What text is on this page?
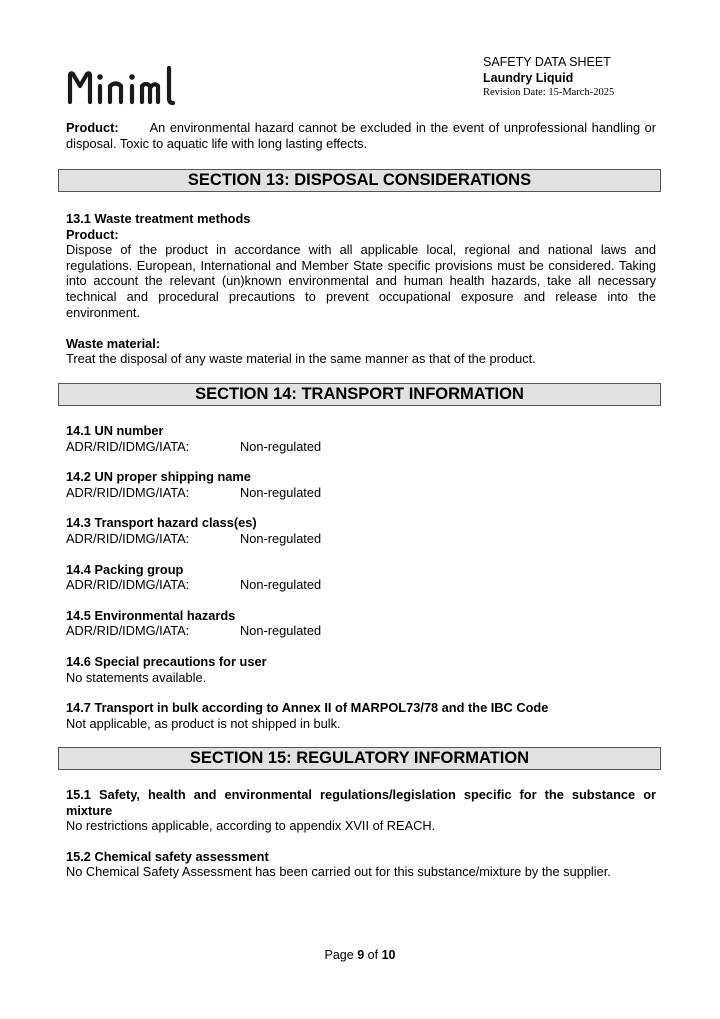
SAFETY DATA SHEET
Laundry Liquid
Revision Date: 15-March-2025

Product: An environmental hazard cannot be excluded in the event of unprofessional handling or disposal. Toxic to aquatic life with long lasting effects.

SECTION 13: DISPOSAL CONSIDERATIONS

13.1 Waste treatment methods

Product:

Dispose of the product in accordance with all applicable local, regional and national laws and regulations. European, International and Member State specific provisions must be considered. Taking into account the relevant (un)known environmental and human health hazards, take all necessary technical and procedural precautions to prevent occupational exposure and release into the environment.

Waste material:

Treat the disposal of any waste material in the same manner as that of the product.

SECTION 14: TRANSPORT INFORMATION

14.1 UN number

ADR/RID/IDMG/IATA:	Non-regulated

14.2 UN proper shipping name

ADR/RID/IDMG/IATA:	Non-regulated

14.3 Transport hazard class(es)

ADR/RID/IDMG/IATA:	Non-regulated

14.4 Packing group

ADR/RID/IDMG/IATA:	Non-regulated

14.5 Environmental hazards

ADR/RID/IDMG/IATA:	Non-regulated

14.6 Special precautions for user

No statements available.

14.7 Transport in bulk according to Annex II of MARPOL73/78 and the IBC Code

Not applicable, as product is not shipped in bulk.

SECTION 15: REGULATORY INFORMATION

15.1 Safety, health and environmental regulations/legislation specific for the substance or mixture

No restrictions applicable, according to appendix XVII of REACH.

15.2 Chemical safety assessment

No Chemical Safety Assessment has been carried out for this substance/mixture by the supplier.

Page 9 of 10
